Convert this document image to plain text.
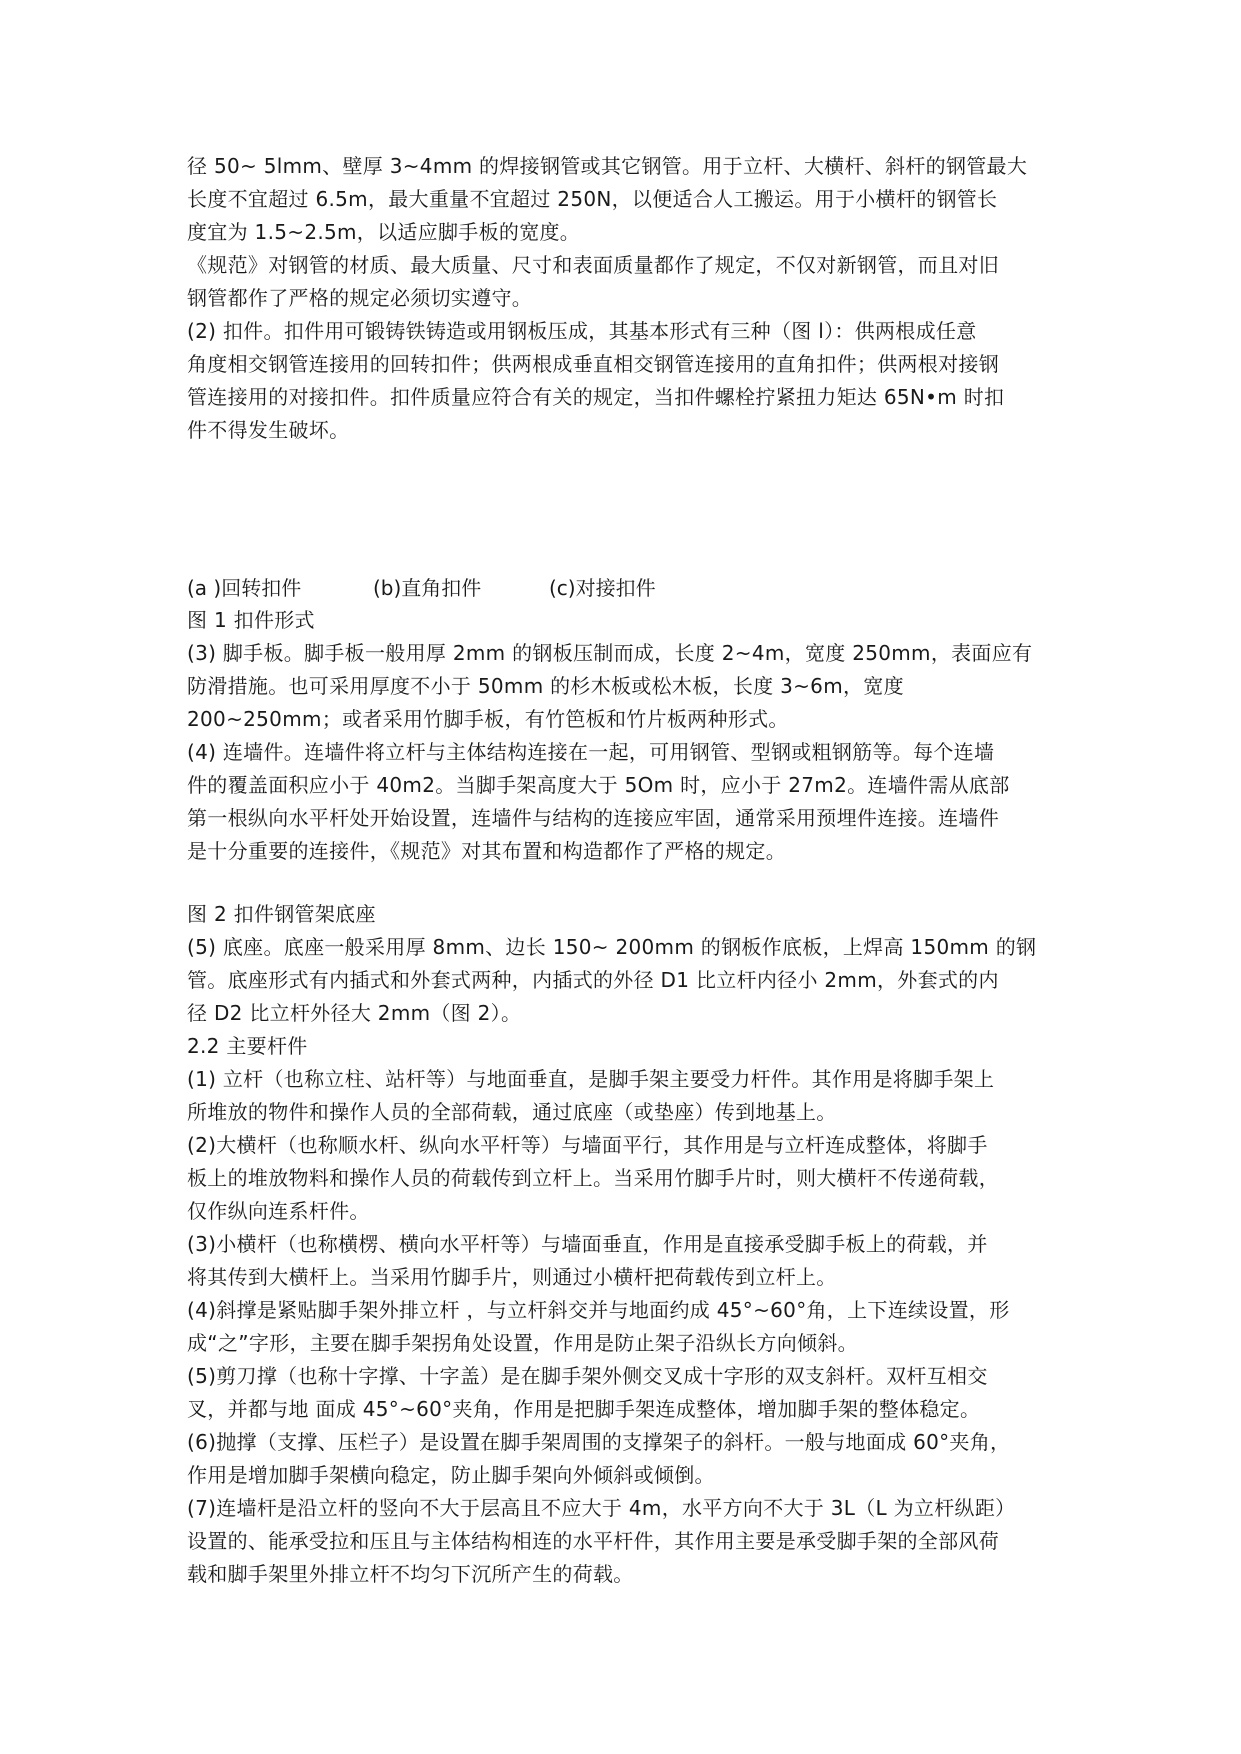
径 50~ 5lmm、壁厚 3~4mm 的焊接钢管或其它钢管。用于立杆、大横杆、斜杆的钢管最大
长度不宜超过 6.5m，最大重量不宜超过 250N，以便适合人工搬运。用于小横杆的钢管长
度宜为 1.5~2.5m，以适应脚手板的宽度。
《规范》对钢管的材质、最大质量、尺寸和表面质量都作了规定，不仅对新钢管，而且对旧
钢管都作了严格的规定必须切实遵守。
(2) 扣件。扣件用可锻铸铁铸造或用钢板压成，其基本形式有三种（图 l）：供两根成任意
角度相交钢管连接用的回转扣件；供两根成垂直相交钢管连接用的直角扣件；供两根对接钢
管连接用的对接扣件。扣件质量应符合有关的规定，当扣件螺栓拧紧扭力矩达 65N•m 时扣
件不得发生破坏。
(a )回转扣件	(b)直角扣件	(c)对接扣件
图 1 扣件形式
(3) 脚手板。脚手板一般用厚 2mm 的钢板压制而成，长度 2~4m，宽度 250mm，表面应有
防滑措施。也可采用厚度不小于 50mm 的杉木板或松木板，长度 3~6m，宽度
200~250mm；或者采用竹脚手板，有竹笆板和竹片板两种形式。
(4) 连墙件。连墙件将立杆与主体结构连接在一起，可用钢管、型钢或粗钢筋等。每个连墙
件的覆盖面积应小于 40m2。当脚手架高度大于 5Om 时，应小于 27m2。连墙件需从底部
第一根纵向水平杆处开始设置，连墙件与结构的连接应牢固，通常采用预埋件连接。连墙件
是十分重要的连接件，《规范》对其布置和构造都作了严格的规定。
图 2 扣件钢管架底座
(5) 底座。底座一般采用厚 8mm、边长 150~ 200mm 的钢板作底板，上焊高 150mm 的钢
管。底座形式有内插式和外套式两种，内插式的外径 D1 比立杆内径小 2mm，外套式的内
径 D2 比立杆外径大 2mm（图 2）。
2.2 主要杆件
(1) 立杆（也称立柱、站杆等）与地面垂直，是脚手架主要受力杆件。其作用是将脚手架上
所堆放的物件和操作人员的全部荷载，通过底座（或垫座）传到地基上。
(2)大横杆（也称顺水杆、纵向水平杆等）与墙面平行，其作用是与立杆连成整体，将脚手
板上的堆放物料和操作人员的荷载传到立杆上。当采用竹脚手片时，则大横杆不传递荷载，
仅作纵向连系杆件。
(3)小横杆（也称横楞、横向水平杆等）与墙面垂直，作用是直接承受脚手板上的荷载，并
将其传到大横杆上。当采用竹脚手片，则通过小横杆把荷载传到立杆上。
(4)斜撑是紧贴脚手架外排立杆 ，与立杆斜交并与地面约成 45°~60°角，上下连续设置，形
成“之”字形，主要在脚手架拐角处设置，作用是防止架子沿纵长方向倾斜。
(5)剪刀撑（也称十字撑、十字盖）是在脚手架外侧交叉成十字形的双支斜杆。双杆互相交
叉，并都与地 面成 45°~60°夹角，作用是把脚手架连成整体，增加脚手架的整体稳定。
(6)抛撑（支撑、压栏子）是设置在脚手架周围的支撑架子的斜杆。一般与地面成 60°夹角，
作用是增加脚手架横向稳定，防止脚手架向外倾斜或倾倒。
(7)连墙杆是沿立杆的竖向不大于层高且不应大于 4m，水平方向不大于 3L（L 为立杆纵距）
设置的、能承受拉和压且与主体结构相连的水平杆件，其作用主要是承受脚手架的全部风荷
载和脚手架里外排立杆不均匀下沉所产生的荷载。
